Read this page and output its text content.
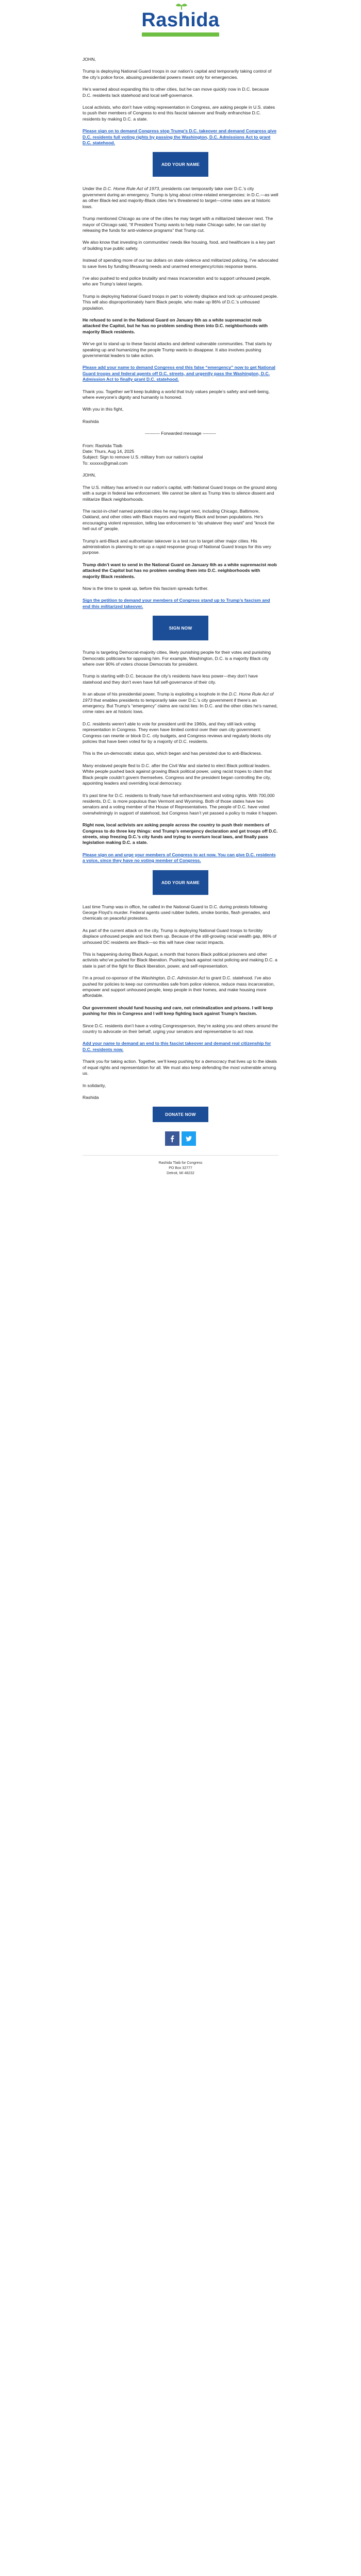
Rashida

JOHN,

Trump is deploying National Guard troops in our nation’s capital and temporarily taking control of the city’s police force, abusing presidential powers meant only for emergencies.

He’s warned about expanding this to other cities, but he can move quickly now in D.C. because D.C. residents lack statehood and local self-governance.

Local activists, who don’t have voting representation in Congress, are asking people in U.S. states to push their members of Congress to end this fascist takeover and finally enfranchise D.C. residents by making D.C. a state.

Please sign on to demand Congress stop Trump’s D.C. takeover and demand Congress give D.C. residents full voting rights by passing the Washington, D.C. Admissions Act to grant D.C. statehood.

ADD YOUR NAME

Under the D.C. Home Rule Act of 1973, presidents can temporarily take over D.C.’s city government during an emergency. Trump is lying about crime-related emergencies: in D.C.—as well as other Black-led and majority-Black cities he’s threatened to target—crime rates are at historic lows.

Trump mentioned Chicago as one of the cities he may target with a militarized takeover next. The mayor of Chicago said, “If President Trump wants to help make Chicago safer, he can start by releasing the funds for anti-violence programs” that Trump cut.

We also know that investing in communities’ needs like housing, food, and healthcare is a key part of building true public safety.

Instead of spending more of our tax dollars on state violence and militarized policing, I’ve advocated to save lives by funding lifesaving needs and unarmed emergency/crisis response teams.

I’ve also pushed to end police brutality and mass incarceration and to support unhoused people, who are Trump’s latest targets.

Trump is deploying National Guard troops in part to violently displace and lock up unhoused people. This will also disproportionately harm Black people, who make up 86% of D.C.’s unhoused population.

He refused to send in the National Guard on January 6th as a white supremacist mob attacked the Capitol, but he has no problem sending them into D.C. neighborhoods with majority Black residents.

We’ve got to stand up to these fascist attacks and defend vulnerable communities. That starts by speaking up and humanizing the people Trump wants to disappear. It also involves pushing governmental leaders to take action.

Please add your name to demand Congress end this false “emergency” now to get National Guard troops and federal agents off D.C. streets, and urgently pass the Washington, D.C. Admission Act to finally grant D.C. statehood.

Thank you. Together we’ll keep building a world that truly values people’s safety and well-being, where everyone’s dignity and humanity is honored.

With you in this fight,

Rashida

---------- Forwarded message ---------

From: Rashida Tlaib

Date: Thurs, Aug 14, 2025

Subject: Sign to remove U.S. military from our nation’s capital

To: xxxxxx@gmail.com

JOHN,

The U.S. military has arrived in our nation’s capital, with National Guard troops on the ground along with a surge in federal law enforcement. We cannot be silent as Trump tries to silence dissent and militarize Black neighborhoods.

The racist-in-chief named potential cities he may target next, including Chicago, Baltimore, Oakland, and other cities with Black mayors and majority Black and brown populations. He’s encouraging violent repression, telling law enforcement to “do whatever they want” and “knock the hell out of” people.

Trump’s anti-Black and authoritarian takeover is a test run to target other major cities. His administration is planning to set up a rapid response group of National Guard troops for this very purpose.

Trump didn’t want to send in the National Guard on January 6th as a white supremacist mob attacked the Capitol but has no problem sending them into D.C. neighborhoods with majority Black residents.

Now is the time to speak up, before this fascism spreads further.

Sign the petition to demand your members of Congress stand up to Trump’s fascism and end this militarized takeover.

SIGN NOW

Trump is targeting Democrat-majority cities, likely punishing people for their votes and punishing Democratic politicians for opposing him. For example, Washington, D.C. is a majority Black city where over 90% of voters choose Democrats for president.

Trump is starting with D.C. because the city’s residents have less power—they don’t have statehood and they don’t even have full self-governance of their city.

In an abuse of his presidential power, Trump is exploiting a loophole in the D.C. Home Rule Act of 1973 that enables presidents to temporarily take over D.C.’s city government if there’s an emergency. But Trump’s “emergency” claims are racist lies: In D.C. and the other cities he’s named, crime rates are at historic lows.

D.C. residents weren’t able to vote for president until the 1960s, and they still lack voting representation in Congress. They even have limited control over their own city government: Congress can rewrite or block D.C. city budgets, and Congress reviews and regularly blocks city policies that have been voted for by a majority of D.C. residents.

This is the un-democratic status quo, which began and has persisted due to anti-Blackness.

Many enslaved people fled to D.C. after the Civil War and started to elect Black political leaders. White people pushed back against growing Black political power, using racist tropes to claim that Black people couldn’t govern themselves. Congress and the president began controlling the city, appointing leaders and overriding local democracy.

It’s past time for D.C. residents to finally have full enfranchisement and voting rights. With 700,000 residents, D.C. is more populous than Vermont and Wyoming. Both of those states have two senators and a voting member of the House of Representatives. The people of D.C. have voted overwhelmingly in support of statehood, but Congress hasn’t yet passed a policy to make it happen.

Right now, local activists are asking people across the country to push their members of Congress to do three key things: end Trump’s emergency declaration and get troops off D.C. streets, stop freezing D.C.’s city funds and trying to overturn local laws, and finally pass legislation making D.C. a state.

Please sign on and urge your members of Congress to act now. You can give D.C. residents a voice, since they have no voting member of Congress.

ADD YOUR NAME

Last time Trump was in office, he called in the National Guard to D.C. during protests following George Floyd’s murder. Federal agents used rubber bullets, smoke bombs, flash grenades, and chemicals on peaceful protesters.

As part of the current attack on the city, Trump is deploying National Guard troops to forcibly displace unhoused people and lock them up. Because of the still-growing racial wealth gap, 86% of unhoused DC residents are Black—so this will have clear racist impacts.

This is happening during Black August, a month that honors Black political prisoners and other activists who’ve pushed for Black liberation. Pushing back against racist policing and making D.C. a state is part of the fight for Black liberation, power, and self-representation.

I’m a proud co-sponsor of the Washington, D.C. Admission Act to grant D.C. statehood. I’ve also pushed for policies to keep our communities safe from police violence, reduce mass incarceration, empower and support unhoused people, keep people in their homes, and make housing more affordable.

Our government should fund housing and care, not criminalization and prisons. I will keep pushing for this in Congress and I will keep fighting back against Trump’s fascism.

Since D.C. residents don’t have a voting Congressperson, they’re asking you and others around the country to advocate on their behalf, urging your senators and representative to act now.

Add your name to demand an end to this fascist takeover and demand real citizenship for D.C. residents now.

Thank you for taking action. Together, we’ll keep pushing for a democracy that lives up to the ideals of equal rights and representation for all. We must also keep defending the most vulnerable among us.

In solidarity,

Rashida

DONATE NOW
Rashida Tlaib for Congress
PO Box 32777
Detroit, MI 48232
